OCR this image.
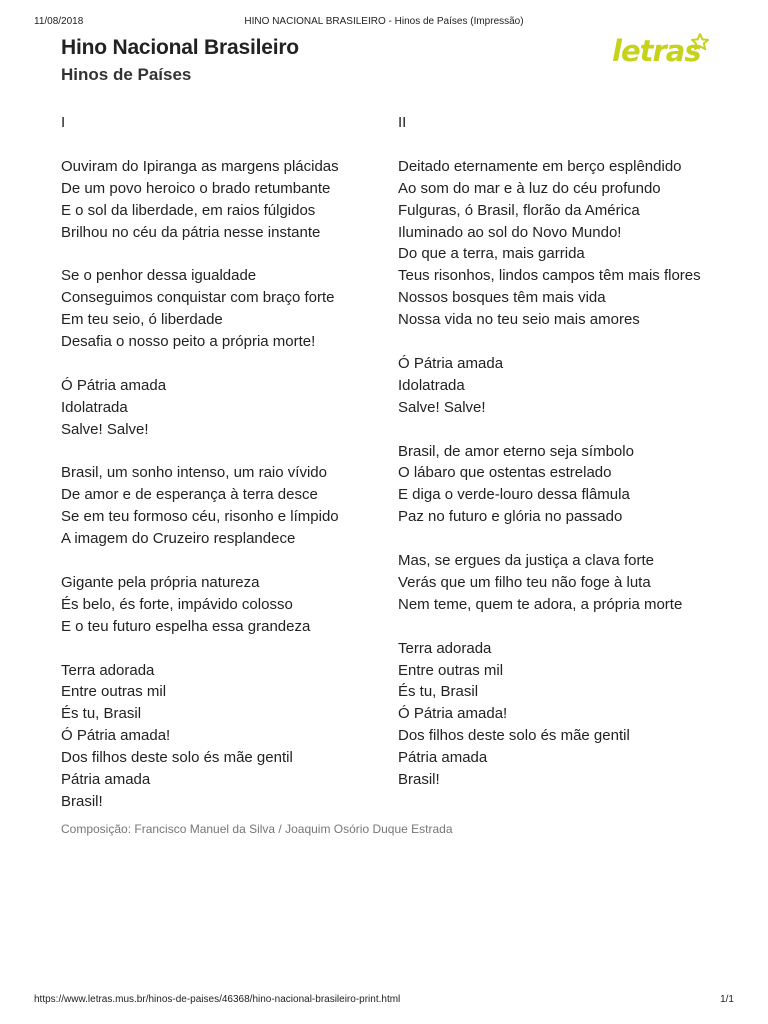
11/08/2018	HINO NACIONAL BRASILEIRO - Hinos de Países (Impressão)
Hino Nacional Brasileiro
Hinos de Países
letras
I
Ouviram do Ipiranga as margens plácidas
De um povo heroico o brado retumbante
E o sol da liberdade, em raios fúlgidos
Brilhou no céu da pátria nesse instante
Se o penhor dessa igualdade
Conseguimos conquistar com braço forte
Em teu seio, ó liberdade
Desafia o nosso peito a própria morte!
Ó Pátria amada
Idolatrada
Salve! Salve!
Brasil, um sonho intenso, um raio vívido
De amor e de esperança à terra desce
Se em teu formoso céu, risonho e límpido
A imagem do Cruzeiro resplandece
Gigante pela própria natureza
És belo, és forte, impávido colosso
E o teu futuro espelha essa grandeza
Terra adorada
Entre outras mil
És tu, Brasil
Ó Pátria amada!
Dos filhos deste solo és mãe gentil
Pátria amada
Brasil!
II
Deitado eternamente em berço esplêndido
Ao som do mar e à luz do céu profundo
Fulguras, ó Brasil, florão da América
Iluminado ao sol do Novo Mundo!
Do que a terra, mais garrida
Teus risonhos, lindos campos têm mais flores
Nossos bosques têm mais vida
Nossa vida no teu seio mais amores
Ó Pátria amada
Idolatrada
Salve! Salve!
Brasil, de amor eterno seja símbolo
O lábaro que ostentas estrelado
E diga o verde-louro dessa flâmula
Paz no futuro e glória no passado
Mas, se ergues da justiça a clava forte
Verás que um filho teu não foge à luta
Nem teme, quem te adora, a própria morte
Terra adorada
Entre outras mil
És tu, Brasil
Ó Pátria amada!
Dos filhos deste solo és mãe gentil
Pátria amada
Brasil!
Composição: Francisco Manuel da Silva / Joaquim Osório Duque Estrada
https://www.letras.mus.br/hinos-de-paises/46368/hino-nacional-brasileiro-print.html	1/1
